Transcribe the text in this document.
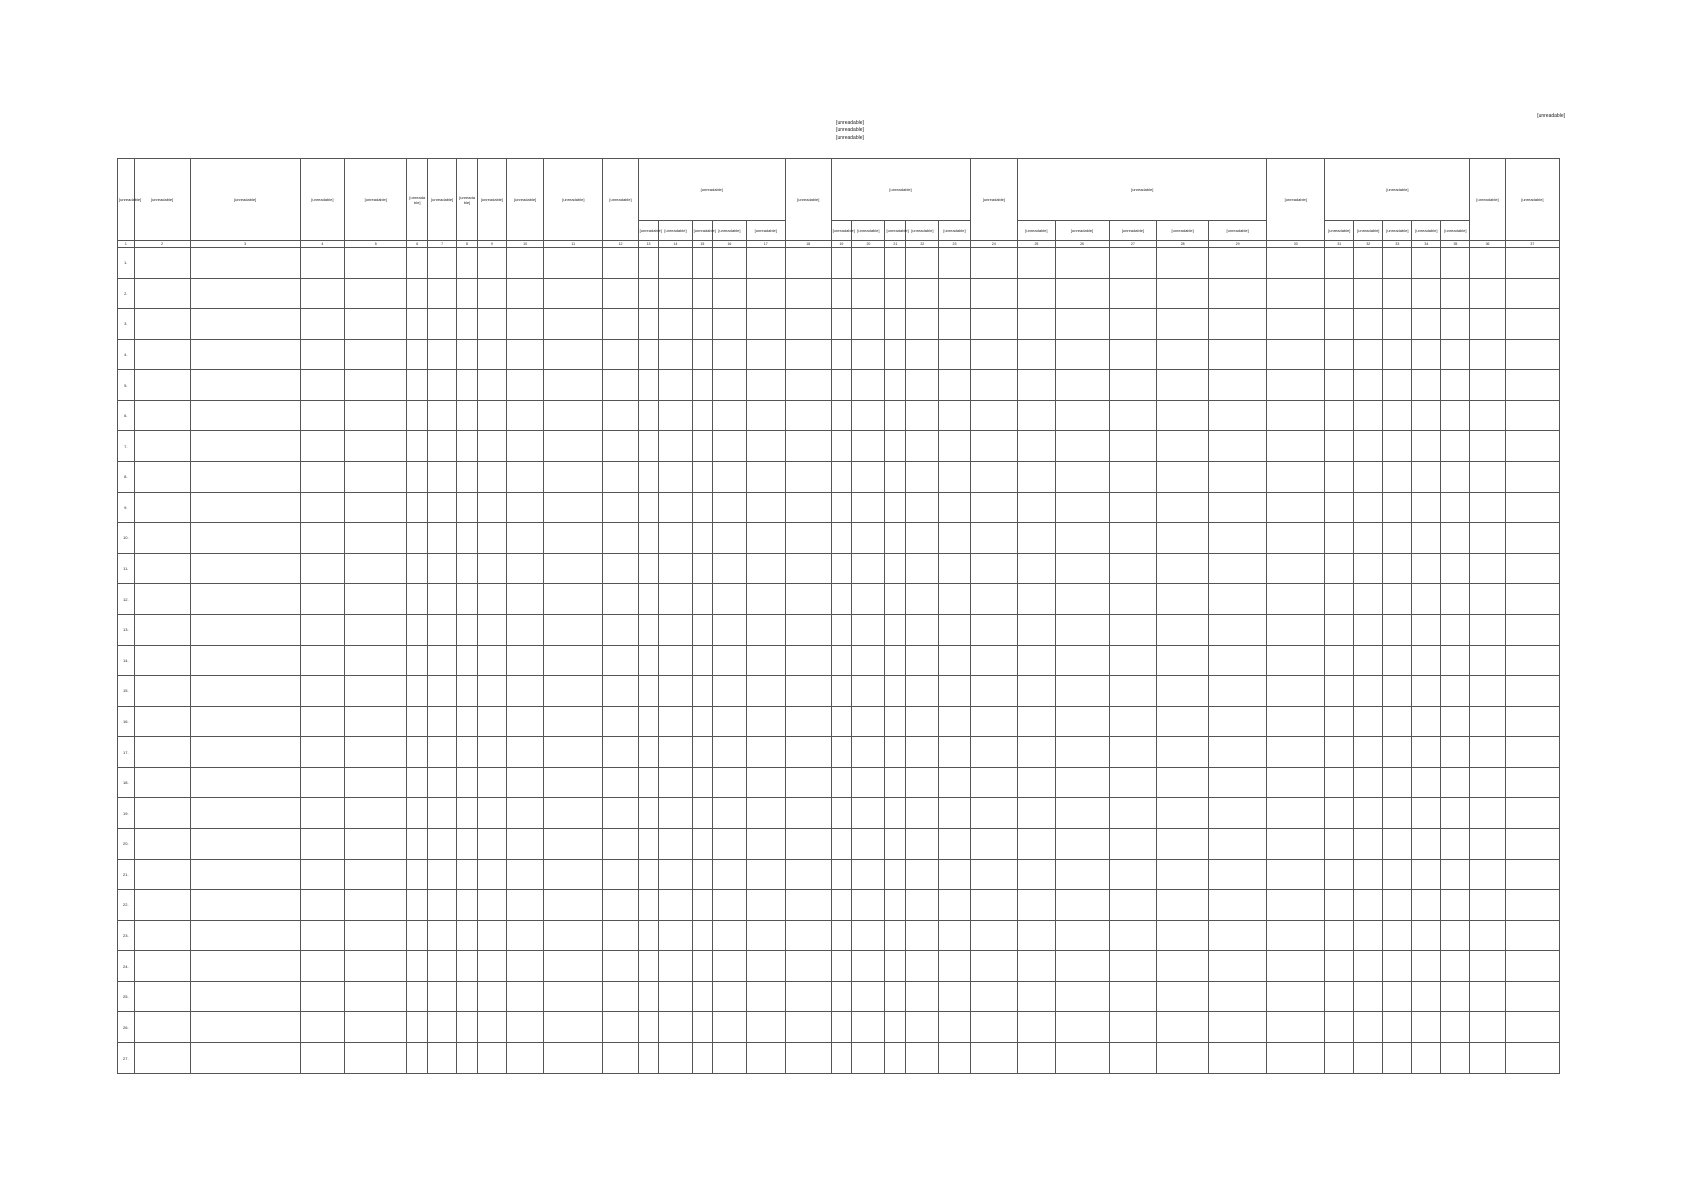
[unreadable]
[unreadable]
[unreadable]
[unreadable]
[unreadable]	[unreadable]	[unreadable]	[unreadable]	[unreadable]	[unreadable]	[unreadable]	[unreadable]	[unreadable]	[unreadable]	[unreadable]	[unreadable]	[unreadable]					[unreadable]	[unreadable]					[unreadable]	[unreadable]					[unreadable]	[unreadable]					[unreadable]	[unreadable]
												[unreadable]	[unreadable]	[unreadable]	[unreadable]	[unreadable]		[unreadable]	[unreadable]	[unreadable]	[unreadable]	[unreadable]		[unreadable]	[unreadable]	[unreadable]	[unreadable]	[unreadable]		[unreadable]	[unreadable]	[unreadable]	[unreadable]	[unreadable]		
1	2	3	4	5	6	7	8	9	10	11	12	13	14	15	16	17	18	19	20	21	22	23	24	25	26	27	28	29	30	31	32	33	34	35	36	37
1.																																				
2.																																				
3.																																				
4.																																				
5.																																				
6.																																				
7.																																				
8.																																				
9.																																				
10.																																				
11.																																				
12.																																				
13.																																				
14.																																				
15.																																				
16.																																				
17.																																				
18.																																				
19.																																				
20.																																				
21.																																				
22.																																				
23.																																				
24.																																				
25.																																				
26.																																				
27.																																				
